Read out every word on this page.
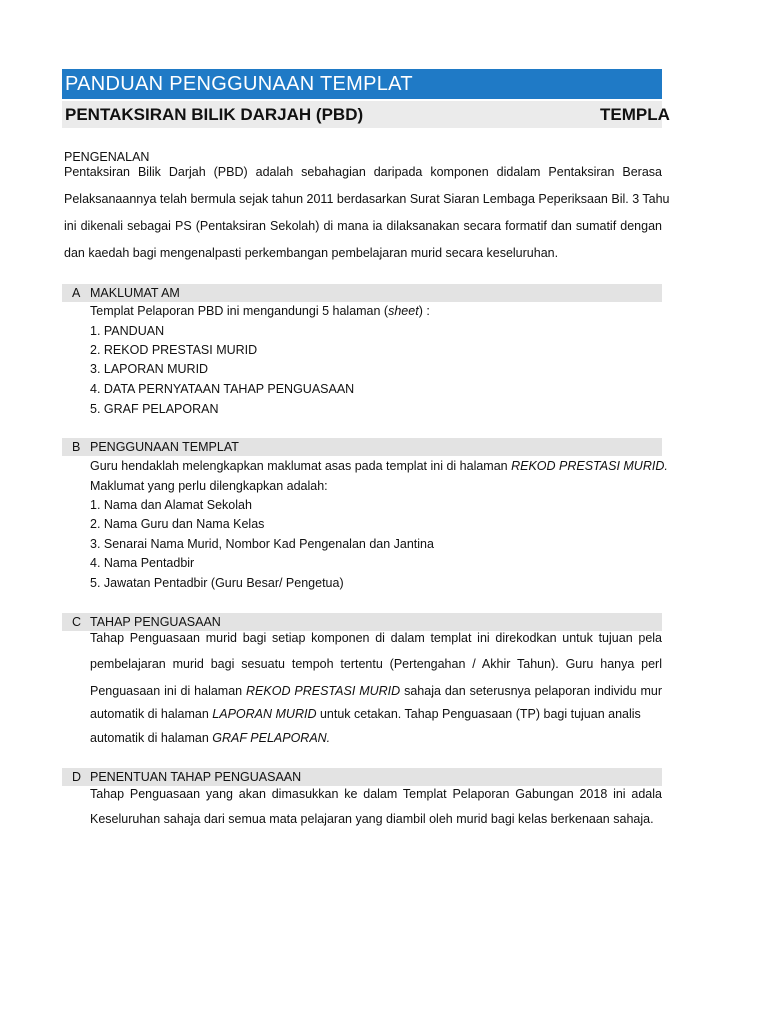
PANDUAN PENGGUNAAN TEMPLAT
PENTAKSIRAN BILIK DARJAH (PBD)	TEMPLA
PENGENALAN
Pentaksiran Bilik Darjah (PBD) adalah sebahagian daripada komponen didalam Pentaksiran Berasa
Pelaksanaannya telah bermula sejak tahun 2011 berdasarkan Surat Siaran Lembaga Peperiksaan Bil. 3 Tahu
ini dikenali sebagai PS (Pentaksiran Sekolah) di mana ia dilaksanakan secara formatif dan sumatif dengan
dan kaedah bagi mengenalpasti perkembangan pembelajaran murid secara keseluruhan.
A MAKLUMAT AM
Templat Pelaporan PBD ini mengandungi 5 halaman (sheet) :
1. PANDUAN
2. REKOD PRESTASI MURID
3. LAPORAN MURID
4. DATA PERNYATAAN TAHAP PENGUASAAN
5. GRAF PELAPORAN
B PENGGUNAAN TEMPLAT
Guru hendaklah melengkapkan maklumat asas pada templat ini di halaman REKOD PRESTASI MURID.
Maklumat yang perlu dilengkapkan adalah:
1. Nama dan Alamat Sekolah
2. Nama Guru dan Nama Kelas
3. Senarai Nama Murid, Nombor Kad Pengenalan dan Jantina
4. Nama Pentadbir
5. Jawatan Pentadbir (Guru Besar/ Pengetua)
C TAHAP PENGUASAAN
Tahap Penguasaan murid bagi setiap komponen di dalam templat ini direkodkan untuk tujuan pela
pembelajaran murid bagi sesuatu tempoh tertentu (Pertengahan / Akhir Tahun). Guru hanya perl
Penguasaan ini di halaman REKOD PRESTASI MURID sahaja dan seterusnya pelaporan individu mur
automatik di halaman LAPORAN MURID untuk cetakan. Tahap Penguasaan (TP) bagi tujuan analis
automatik di halaman GRAF PELAPORAN.
D PENENTUAN TAHAP PENGUASAAN
Tahap Penguasaan yang akan dimasukkan ke dalam Templat Pelaporan Gabungan 2018 ini adala
Keseluruhan sahaja dari semua mata pelajaran yang diambil oleh murid bagi kelas berkenaan sahaja.
